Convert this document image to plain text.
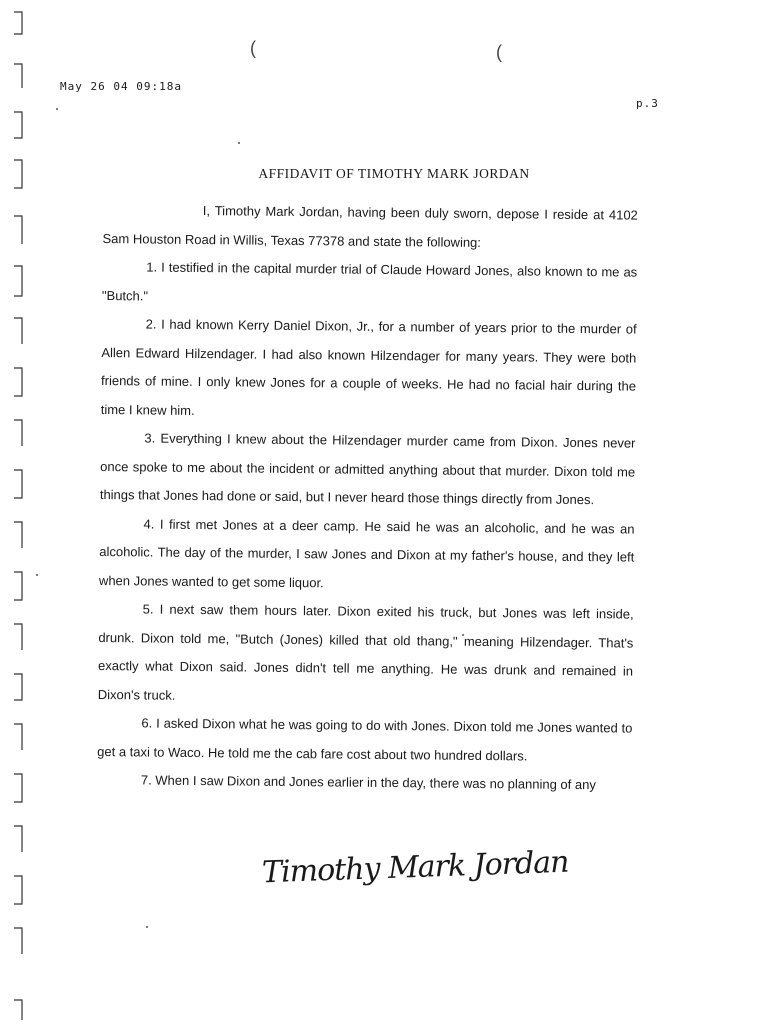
(	(
May 26 04 09:18a
p.3
AFFIDAVIT OF TIMOTHY MARK JORDAN

I, Timothy Mark Jordan, having been duly sworn, depose I reside at 4102 Sam Houston Road in Willis, Texas 77378 and state the following:

1. I testified in the capital murder trial of Claude Howard Jones, also known to me as "Butch."

2. I had known Kerry Daniel Dixon, Jr., for a number of years prior to the murder of Allen Edward Hilzendager. I had also known Hilzendager for many years. They were both friends of mine. I only knew Jones for a couple of weeks. He had no facial hair during the time I knew him.

3. Everything I knew about the Hilzendager murder came from Dixon. Jones never once spoke to me about the incident or admitted anything about that murder. Dixon told me things that Jones had done or said, but I never heard those things directly from Jones.

4. I first met Jones at a deer camp. He said he was an alcoholic, and he was an alcoholic. The day of the murder, I saw Jones and Dixon at my father's house, and they left when Jones wanted to get some liquor.

5. I next saw them hours later. Dixon exited his truck, but Jones was left inside, drunk. Dixon told me, "Butch (Jones) killed that old thang," meaning Hilzendager. That's exactly what Dixon said. Jones didn't tell me anything. He was drunk and remained in Dixon's truck.

6. I asked Dixon what he was going to do with Jones. Dixon told me Jones wanted to get a taxi to Waco. He told me the cab fare cost about two hundred dollars.

7. When I saw Dixon and Jones earlier in the day, there was no planning of any

Timothy Mark Jordan
